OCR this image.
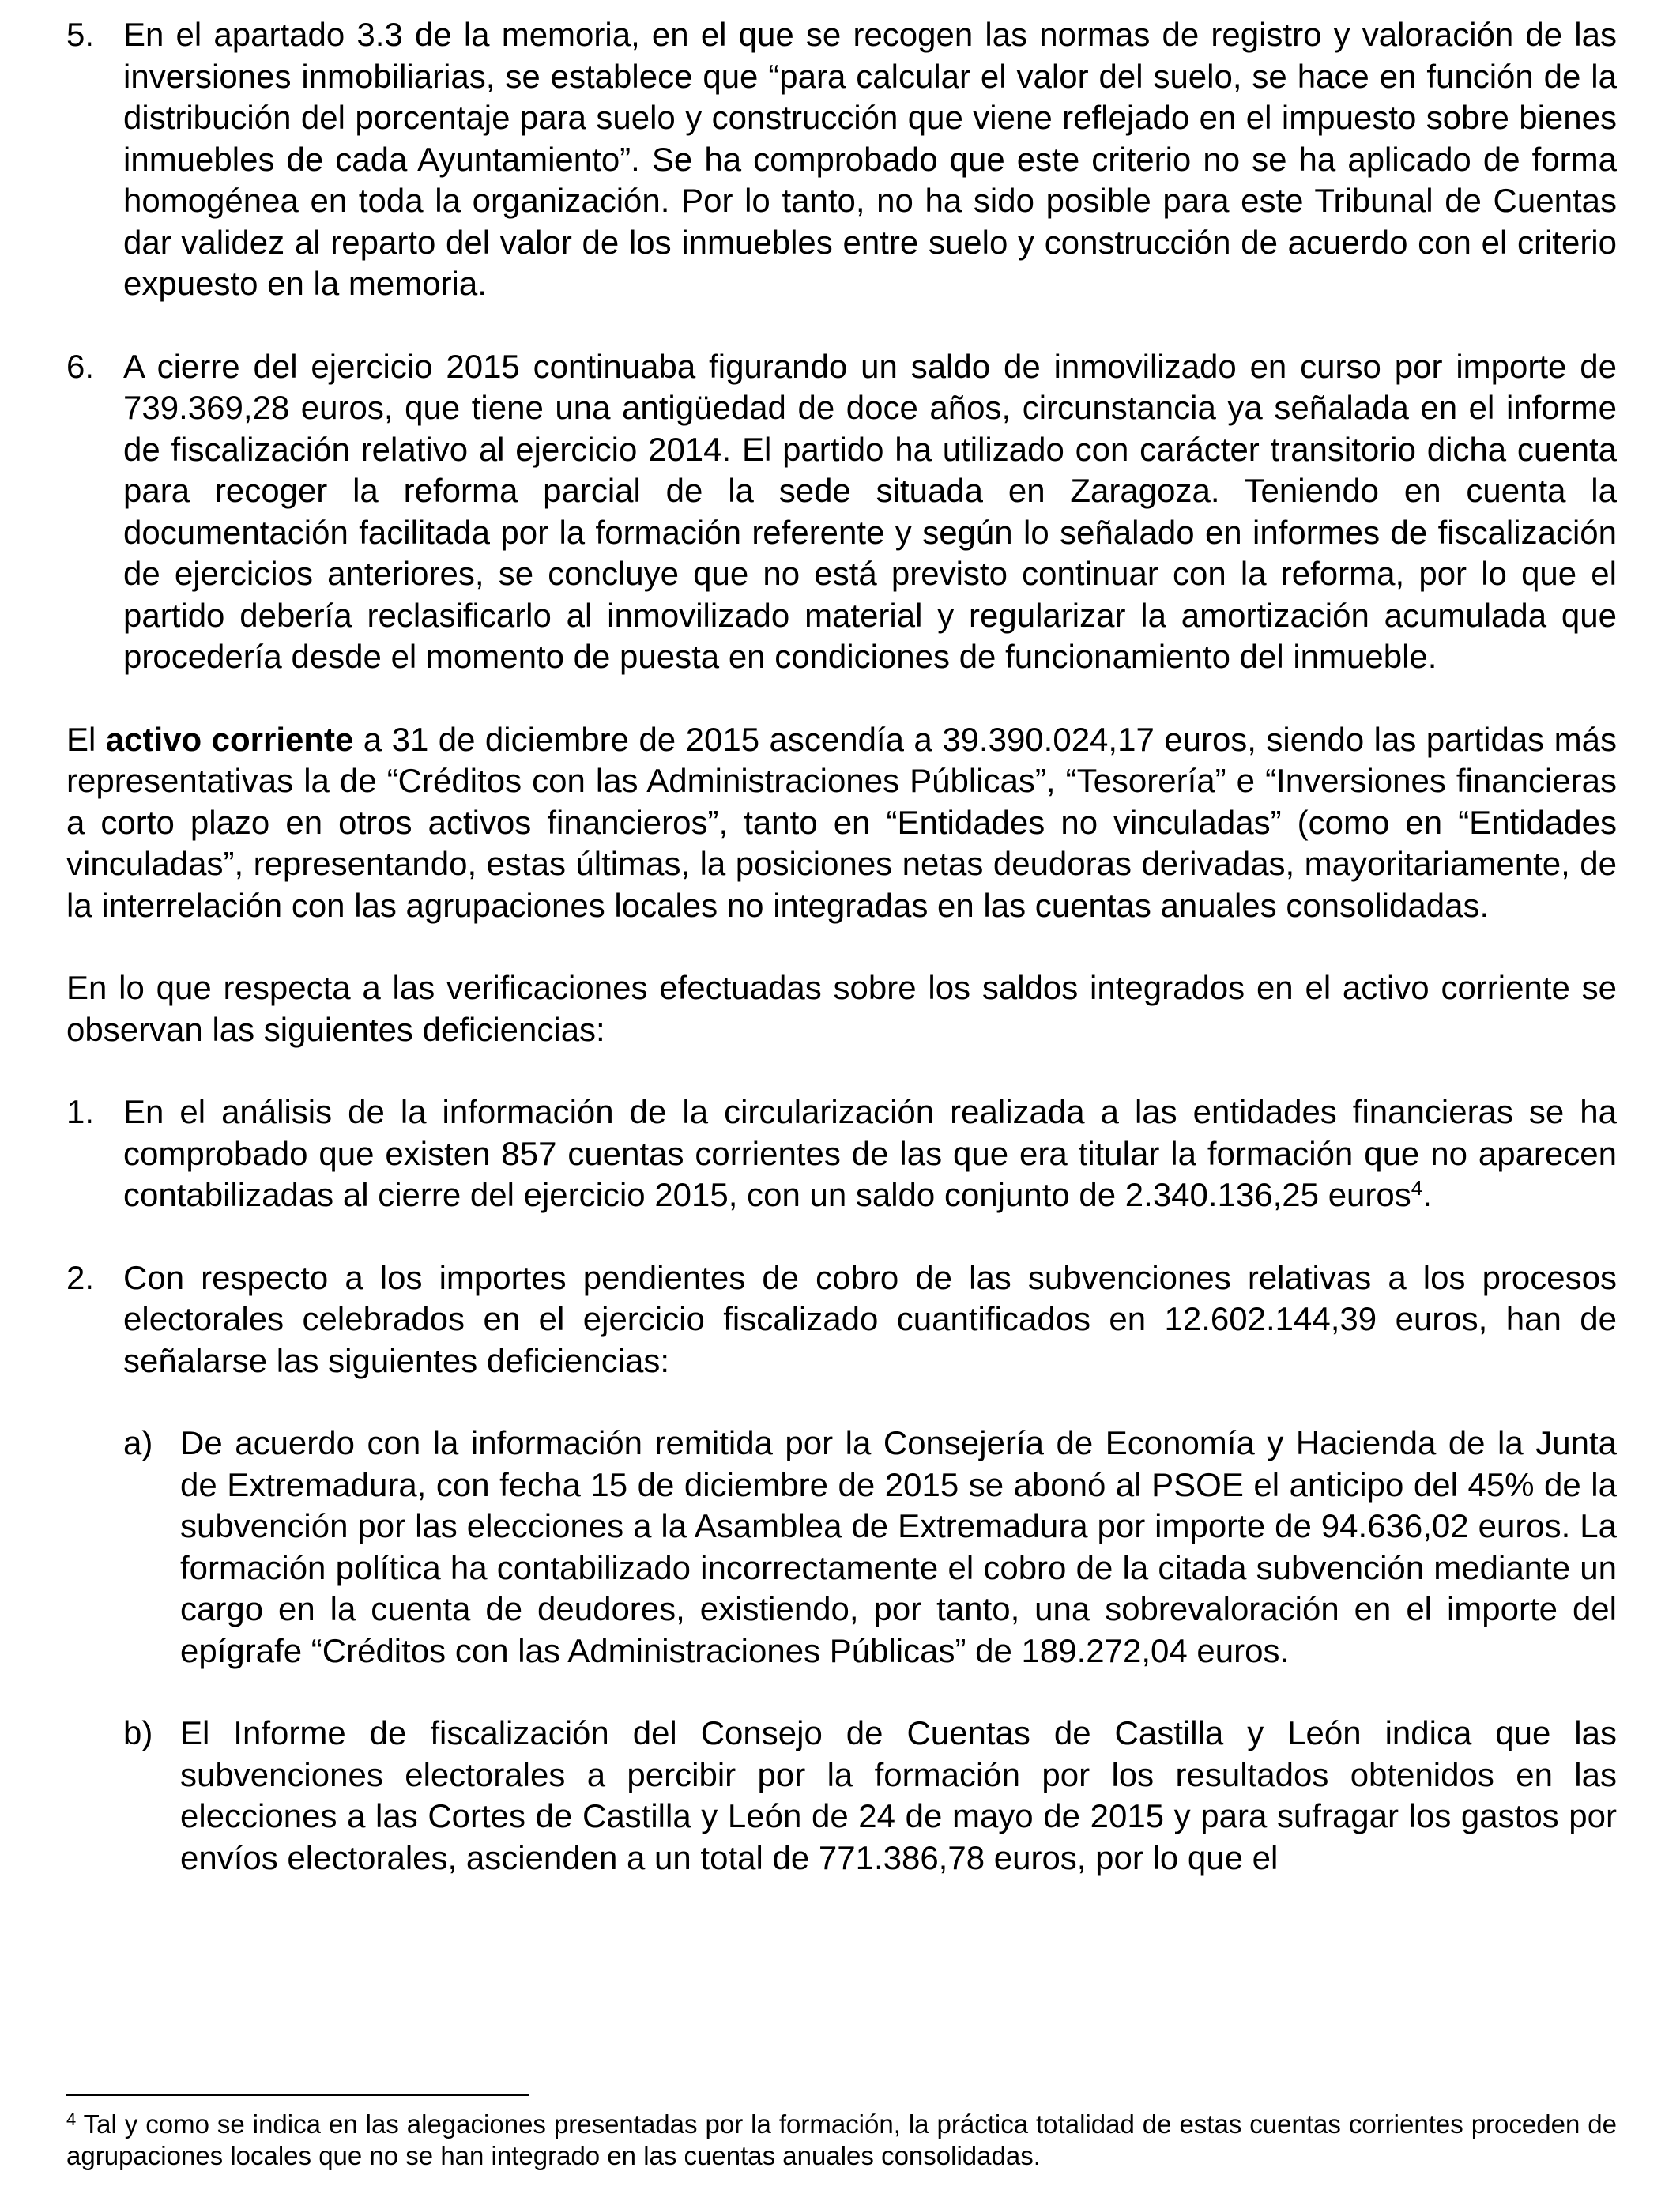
5. En el apartado 3.3 de la memoria, en el que se recogen las normas de registro y valoración de las inversiones inmobiliarias, se establece que “para calcular el valor del suelo, se hace en función de la distribución del porcentaje para suelo y construcción que viene reflejado en el impuesto sobre bienes inmuebles de cada Ayuntamiento”. Se ha comprobado que este criterio no se ha aplicado de forma homogénea en toda la organización. Por lo tanto, no ha sido posible para este Tribunal de Cuentas dar validez al reparto del valor de los inmuebles entre suelo y construcción de acuerdo con el criterio expuesto en la memoria.
6. A cierre del ejercicio 2015 continuaba figurando un saldo de inmovilizado en curso por importe de 739.369,28 euros, que tiene una antigüedad de doce años, circunstancia ya señalada en el informe de fiscalización relativo al ejercicio 2014. El partido ha utilizado con carácter transitorio dicha cuenta para recoger la reforma parcial de la sede situada en Zaragoza. Teniendo en cuenta la documentación facilitada por la formación referente y según lo señalado en informes de fiscalización de ejercicios anteriores, se concluye que no está previsto continuar con la reforma, por lo que el partido debería reclasificarlo al inmovilizado material y regularizar la amortización acumulada que procedería desde el momento de puesta en condiciones de funcionamiento del inmueble.

El activo corriente a 31 de diciembre de 2015 ascendía a 39.390.024,17 euros, siendo las partidas más representativas la de “Créditos con las Administraciones Públicas”, “Tesorería” e “Inversiones financieras a corto plazo en otros activos financieros”, tanto en “Entidades no vinculadas” (como en “Entidades vinculadas”, representando, estas últimas, la posiciones netas deudoras derivadas, mayoritariamente, de la interrelación con las agrupaciones locales no integradas en las cuentas anuales consolidadas.

En lo que respecta a las verificaciones efectuadas sobre los saldos integrados en el activo corriente se observan las siguientes deficiencias:

1. En el análisis de la información de la circularización realizada a las entidades financieras se ha comprobado que existen 857 cuentas corrientes de las que era titular la formación que no aparecen contabilizadas al cierre del ejercicio 2015, con un saldo conjunto de 2.340.136,25 euros$^4$.
2. Con respecto a los importes pendientes de cobro de las subvenciones relativas a los procesos electorales celebrados en el ejercicio fiscalizado cuantificados en 12.602.144,39 euros, han de señalarse las siguientes deficiencias:
a) De acuerdo con la información remitida por la Consejería de Economía y Hacienda de la Junta de Extremadura, con fecha 15 de diciembre de 2015 se abonó al PSOE el anticipo del 45% de la subvención por las elecciones a la Asamblea de Extremadura por importe de 94.636,02 euros. La formación política ha contabilizado incorrectamente el cobro de la citada subvención mediante un cargo en la cuenta de deudores, existiendo, por tanto, una sobrevaloración en el importe del epígrafe “Créditos con las Administraciones Públicas” de 189.272,04 euros.
b) El Informe de fiscalización del Consejo de Cuentas de Castilla y León indica que las subvenciones electorales a percibir por la formación por los resultados obtenidos en las elecciones a las Cortes de Castilla y León de 24 de mayo de 2015 y para sufragar los gastos por envíos electorales, ascienden a un total de 771.386,78 euros, por lo que el
$^4$ Tal y como se indica en las alegaciones presentadas por la formación, la práctica totalidad de estas cuentas corrientes proceden de agrupaciones locales que no se han integrado en las cuentas anuales consolidadas.
